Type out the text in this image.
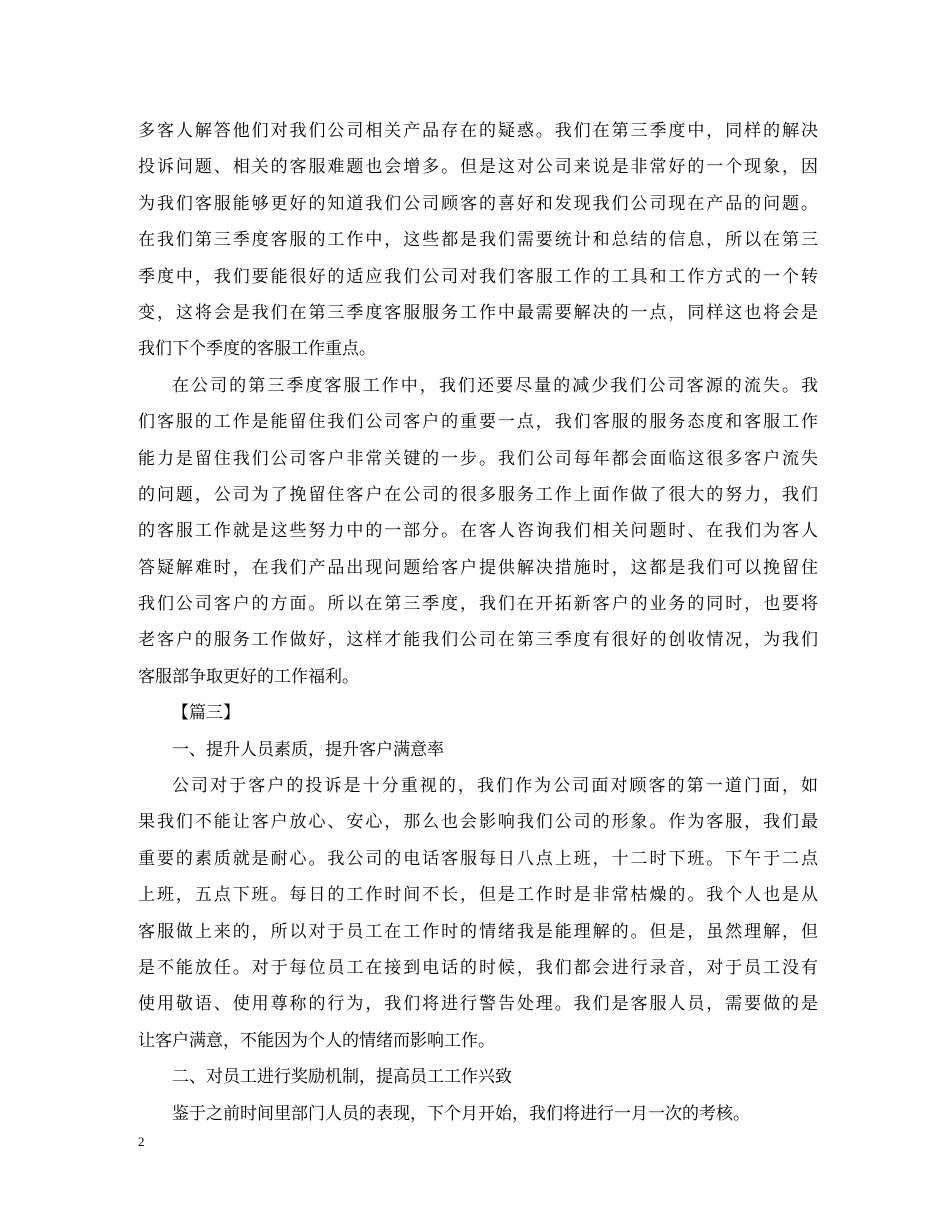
多客人解答他们对我们公司相关产品存在的疑惑。我们在第三季度中，同样的解决
投诉问题、相关的客服难题也会增多。但是这对公司来说是非常好的一个现象，因
为我们客服能够更好的知道我们公司顾客的喜好和发现我们公司现在产品的问题。
在我们第三季度客服的工作中，这些都是我们需要统计和总结的信息，所以在第三
季度中，我们要能很好的适应我们公司对我们客服工作的工具和工作方式的一个转
变，这将会是我们在第三季度客服服务工作中最需要解决的一点，同样这也将会是
我们下个季度的客服工作重点。
在公司的第三季度客服工作中，我们还要尽量的减少我们公司客源的流失。我
们客服的工作是能留住我们公司客户的重要一点，我们客服的服务态度和客服工作
能力是留住我们公司客户非常关键的一步。我们公司每年都会面临这很多客户流失
的问题，公司为了挽留住客户在公司的很多服务工作上面作做了很大的努力，我们
的客服工作就是这些努力中的一部分。在客人咨询我们相关问题时、在我们为客人
答疑解难时，在我们产品出现问题给客户提供解决措施时，这都是我们可以挽留住
我们公司客户的方面。所以在第三季度，我们在开拓新客户的业务的同时，也要将
老客户的服务工作做好，这样才能我们公司在第三季度有很好的创收情况，为我们
客服部争取更好的工作福利。
【篇三】
一、提升人员素质，提升客户满意率
公司对于客户的投诉是十分重视的，我们作为公司面对顾客的第一道门面，如
果我们不能让客户放心、安心，那么也会影响我们公司的形象。作为客服，我们最
重要的素质就是耐心。我公司的电话客服每日八点上班，十二时下班。下午于二点
上班，五点下班。每日的工作时间不长，但是工作时是非常枯燥的。我个人也是从
客服做上来的，所以对于员工在工作时的情绪我是能理解的。但是，虽然理解，但
是不能放任。对于每位员工在接到电话的时候，我们都会进行录音，对于员工没有
使用敬语、使用尊称的行为，我们将进行警告处理。我们是客服人员，需要做的是
让客户满意，不能因为个人的情绪而影响工作。
二、对员工进行奖励机制，提高员工工作兴致
鉴于之前时间里部门人员的表现，下个月开始，我们将进行一月一次的考核。
2
